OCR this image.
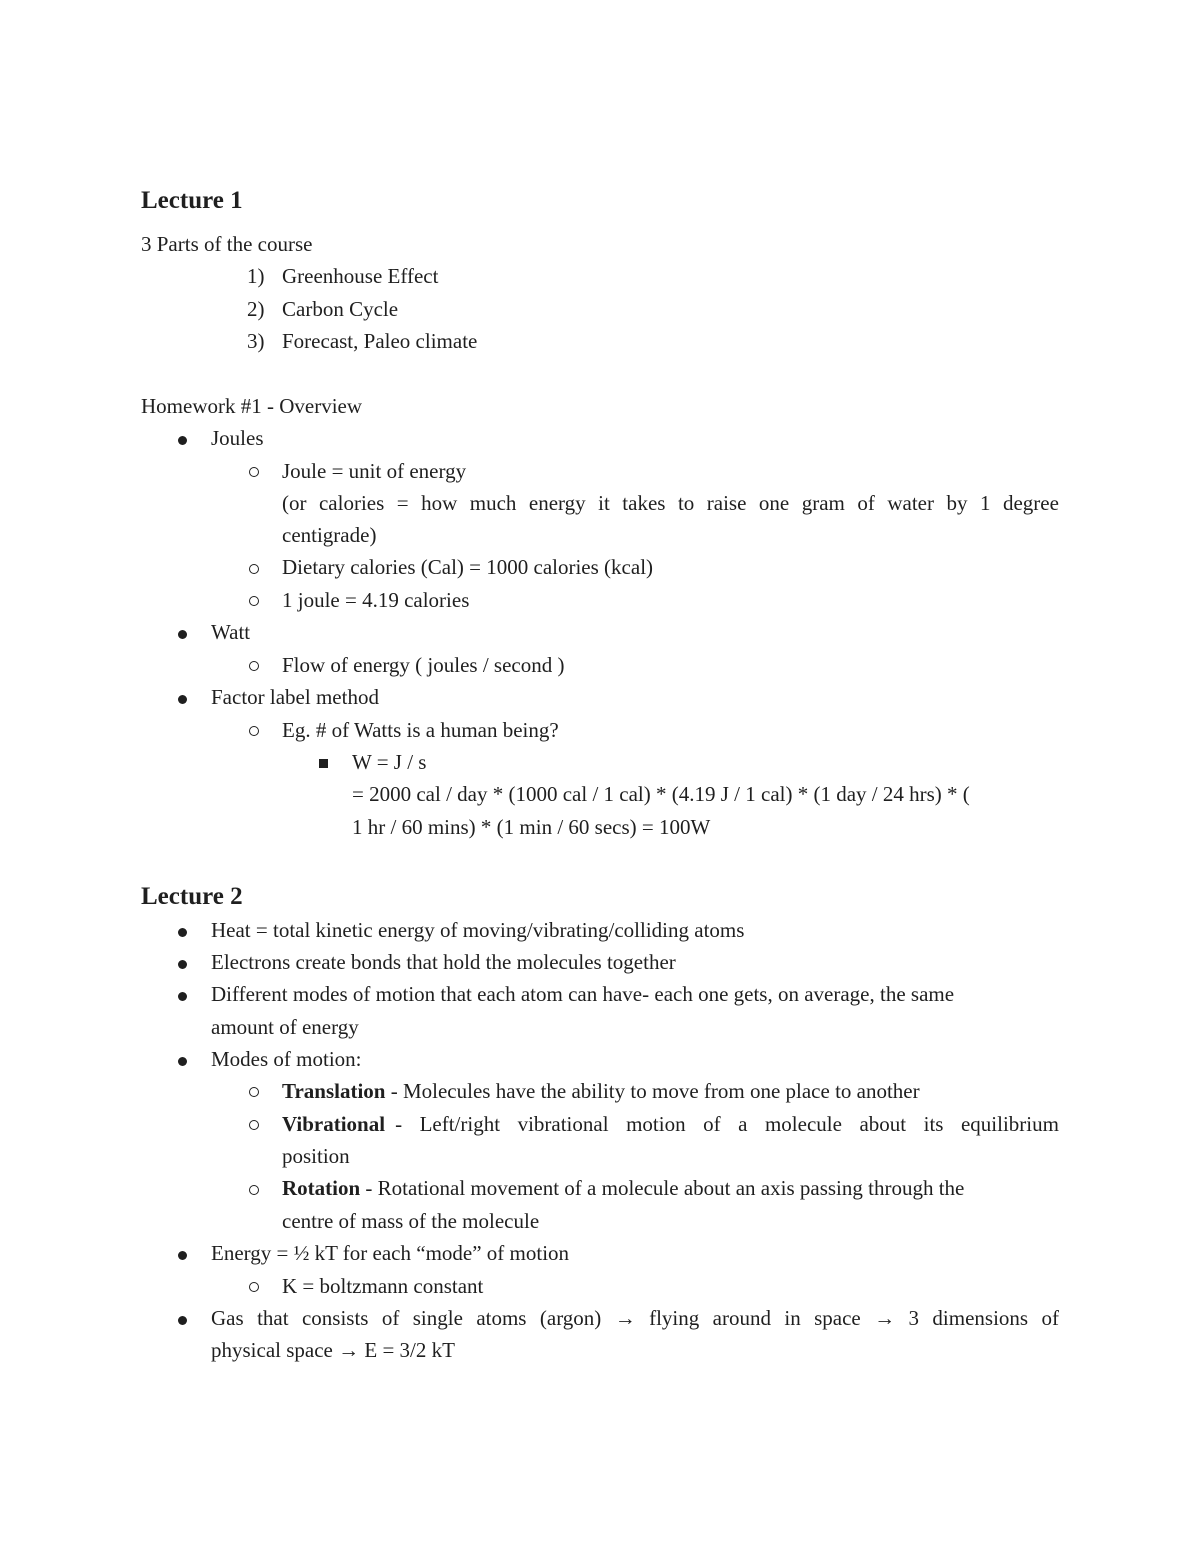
Lecture 1
3 Parts of the course
1) Greenhouse Effect
2) Carbon Cycle
3) Forecast, Paleo climate
Homework #1 - Overview
Joules
Joule = unit of energy
(or calories = how much energy it takes to raise one gram of water by 1 degree
centigrade)
Dietary calories (Cal) = 1000 calories (kcal)
1 joule = 4.19 calories
Watt
Flow of energy ( joules / second )
Factor label method
Eg. # of Watts is a human being?
W = J / s
= 2000 cal / day * (1000 cal / 1 cal) * (4.19 J / 1 cal) * (1 day / 24 hrs) * (
1 hr / 60 mins) * (1 min / 60 secs) = 100W
Lecture 2
Heat = total kinetic energy of moving/vibrating/colliding atoms
Electrons create bonds that hold the molecules together
Different modes of motion that each atom can have- each one gets, on average, the same
amount of energy
Modes of motion:
Translation - Molecules have the ability to move from one place to another
Vibrational - Left/right vibrational motion of a molecule about its equilibrium
position
Rotation - Rotational movement of a molecule about an axis passing through the
centre of mass of the molecule
Energy = ½ kT for each “mode” of motion
K = boltzmann constant
Gas that consists of single atoms (argon) → flying around in space → 3 dimensions of
physical space → E = 3/2 kT
